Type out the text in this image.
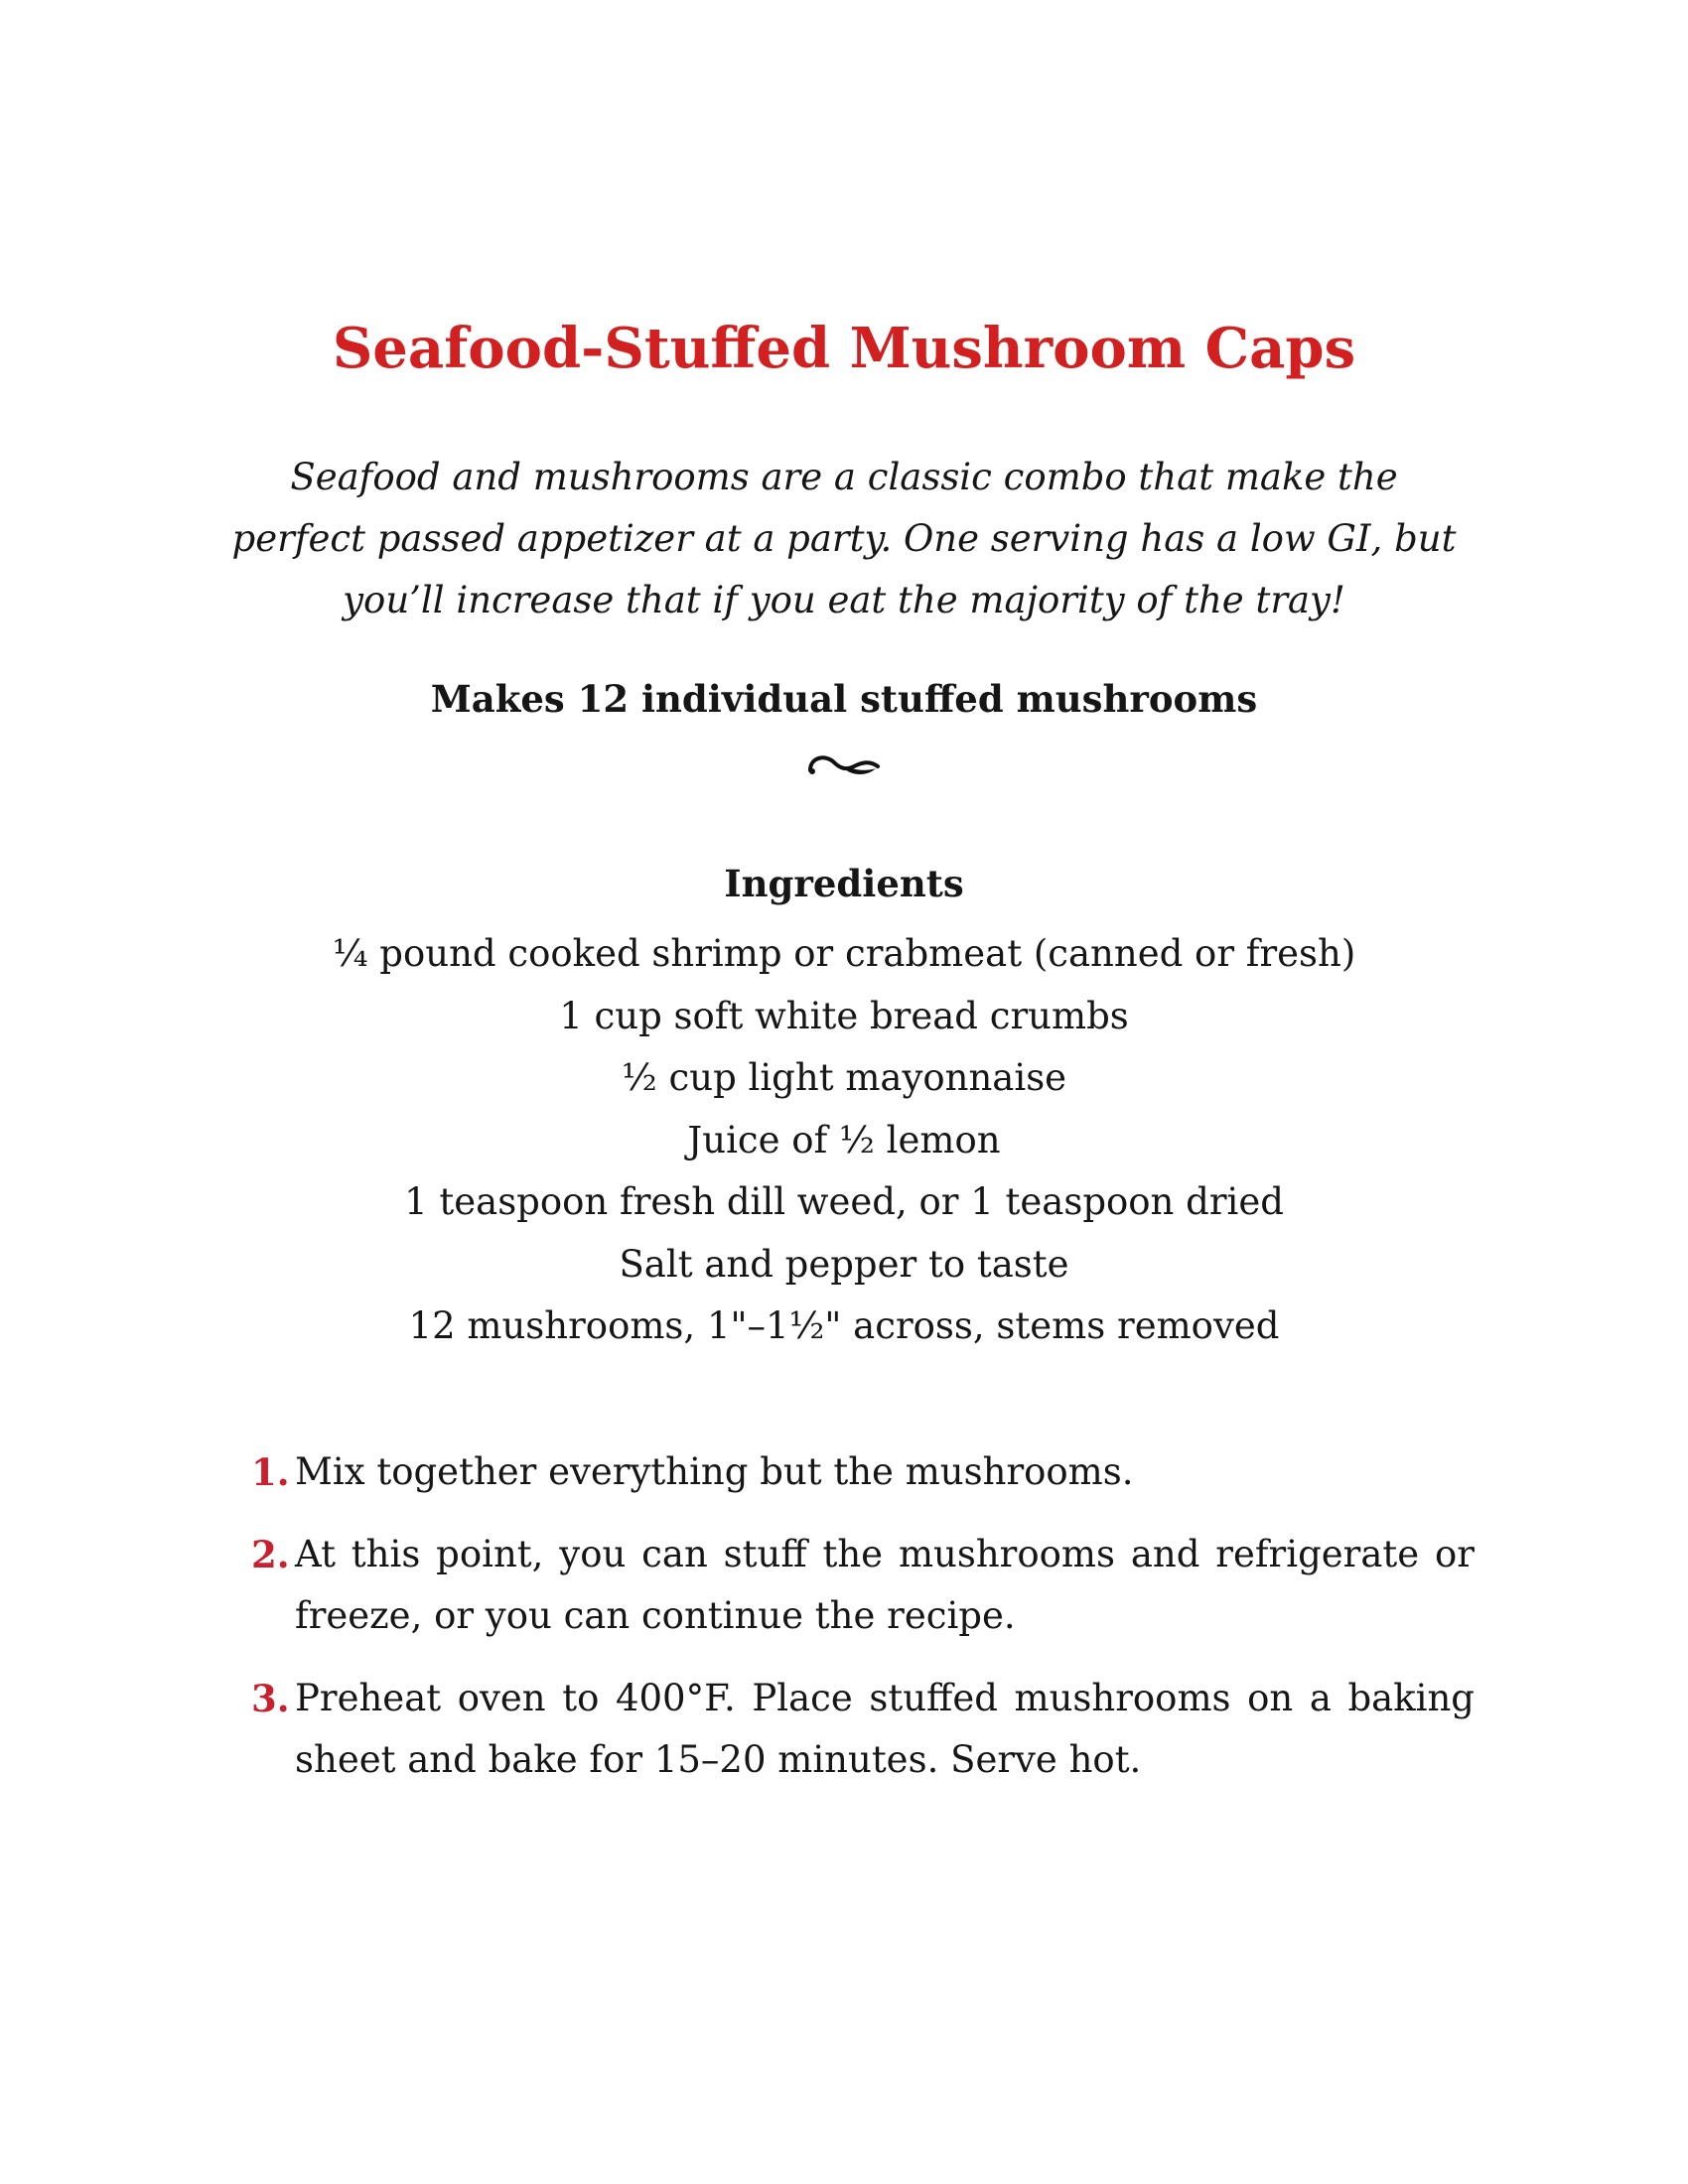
Seafood-Stuffed Mushroom Caps

Seafood and mushrooms are a classic combo that make the perfect passed appetizer at a party. One serving has a low GI, but you’ll increase that if you eat the majority of the tray!

Makes 12 individual stuffed mushrooms

Ingredients
¼ pound cooked shrimp or crabmeat (canned or fresh)
1 cup soft white bread crumbs
½ cup light mayonnaise
Juice of ½ lemon
1 teaspoon fresh dill weed, or 1 teaspoon dried
Salt and pepper to taste
12 mushrooms, 1"–1½" across, stems removed
1. Mix together everything but the mushrooms.
2. At this point, you can stuff the mushrooms and refrigerate or freeze, or you can continue the recipe.
3. Preheat oven to 400°F. Place stuffed mushrooms on a baking sheet and bake for 15–20 minutes. Serve hot.
